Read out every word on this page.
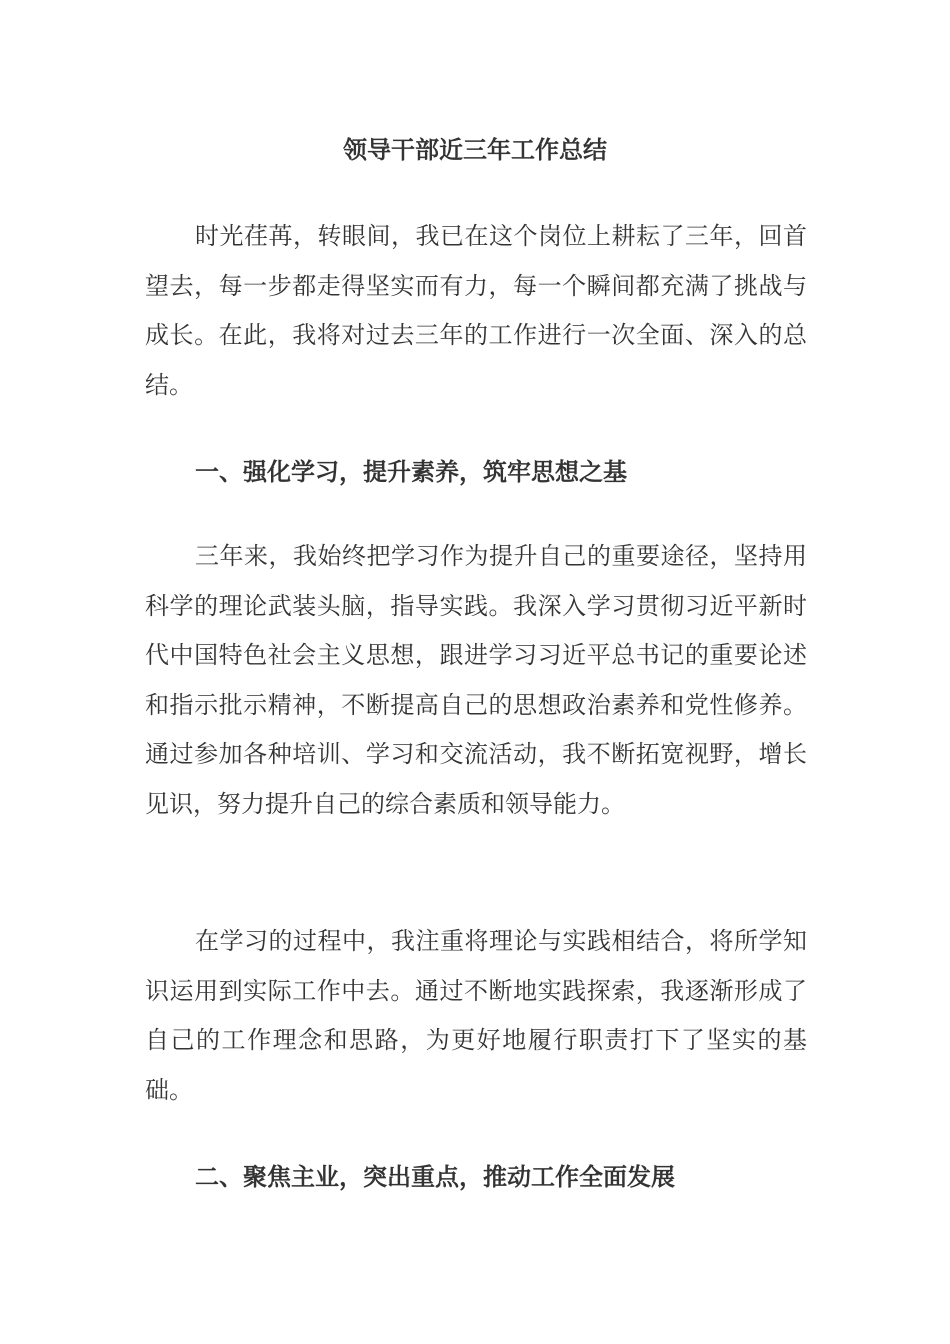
领导干部近三年工作总结

时光荏苒，转眼间，我已在这个岗位上耕耘了三年，回首望去，每一步都走得坚实而有力，每一个瞬间都充满了挑战与成长。在此，我将对过去三年的工作进行一次全面、深入的总结。

一、强化学习，提升素养，筑牢思想之基

三年来，我始终把学习作为提升自己的重要途径，坚持用科学的理论武装头脑，指导实践。我深入学习贯彻习近平新时代中国特色社会主义思想，跟进学习习近平总书记的重要论述和指示批示精神，不断提高自己的思想政治素养和党性修养。通过参加各种培训、学习和交流活动，我不断拓宽视野，增长见识，努力提升自己的综合素质和领导能力。

在学习的过程中，我注重将理论与实践相结合，将所学知识运用到实际工作中去。通过不断地实践探索，我逐渐形成了自己的工作理念和思路，为更好地履行职责打下了坚实的基础。

二、聚焦主业，突出重点，推动工作全面发展
